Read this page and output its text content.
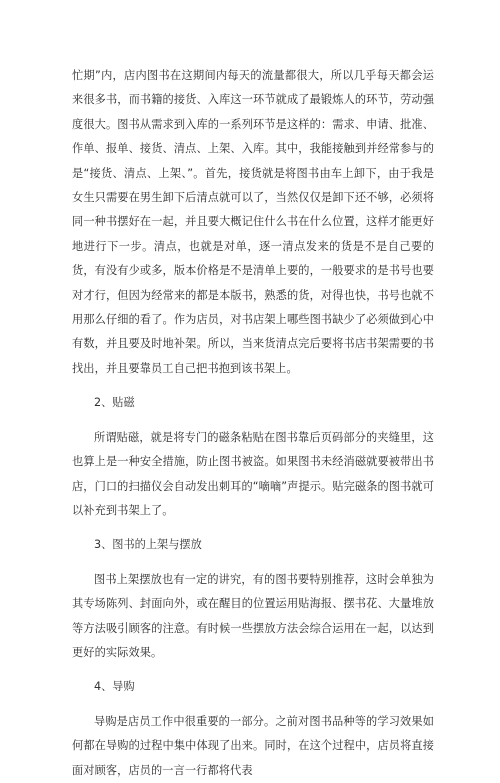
忙期”内，店内图书在这期间内每天的流量都很大，所以几乎每天都会运来很多书，而书籍的接货、入库这一环节就成了最锻炼人的环节，劳动强度很大。图书从需求到入库的一系列环节是这样的：需求、申请、批准、作单、报单、接货、清点、上架、入库。其中，我能接触到并经常参与的是“接货、清点、上架、”。首先，接货就是将图书由车上卸下，由于我是女生只需要在男生卸下后清点就可以了，当然仅仅是卸下还不够，必须将同一种书摆好在一起，并且要大概记住什么书在什么位置，这样才能更好地进行下一步。清点，也就是对单，逐一清点发来的货是不是自己要的货，有没有少或多，版本价格是不是清单上要的，一般要求的是书号也要对才行，但因为经常来的都是本版书，熟悉的货，对得也快，书号也就不用那么仔细的看了。作为店员，对书店架上哪些图书缺少了必须做到心中有数，并且要及时地补架。所以，当来货清点完后要将书店书架需要的书找出，并且要靠员工自己把书抱到该书架上。

2、贴磁

所谓贴磁，就是将专门的磁条粘贴在图书靠后页码部分的夹缝里，这也算上是一种安全措施，防止图书被盗。如果图书未经消磁就要被带出书店，门口的扫描仪会自动发出刺耳的“嘀嘀”声提示。贴完磁条的图书就可以补充到书架上了。

3、图书的上架与摆放

图书上架摆放也有一定的讲究，有的图书要特别推荐，这时会单独为其专场陈列、封面向外，或在醒目的位置运用贴海报、摆书花、大量堆放等方法吸引顾客的注意。有时候一些摆放方法会综合运用在一起，以达到更好的实际效果。

4、导购

导购是店员工作中很重要的一部分。之前对图书品种等的学习效果如何都在导购的过程中集中体现了出来。同时，在这个过程中，店员将直接面对顾客，店员的一言一行都将代表
